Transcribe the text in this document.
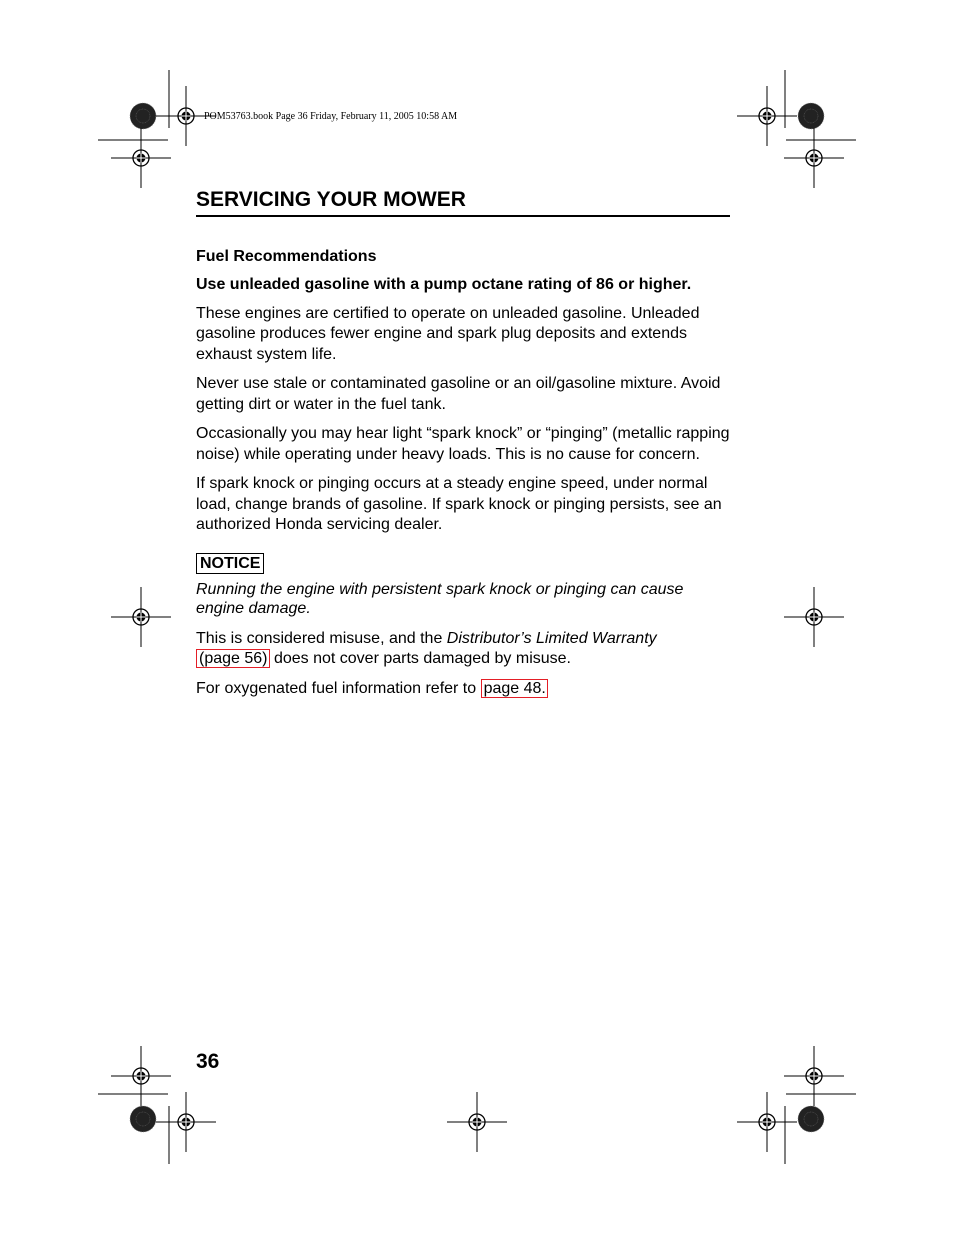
POM53763.book Page 36 Friday, February 11, 2005 10:58 AM
SERVICING YOUR MOWER

Fuel Recommendations

Use unleaded gasoline with a pump octane rating of 86 or higher.

These engines are certified to operate on unleaded gasoline. Unleaded gasoline produces fewer engine and spark plug deposits and extends exhaust system life.

Never use stale or contaminated gasoline or an oil/gasoline mixture. Avoid getting dirt or water in the fuel tank.

Occasionally you may hear light “spark knock” or “pinging” (metallic rapping noise) while operating under heavy loads. This is no cause for concern.

If spark knock or pinging occurs at a steady engine speed, under normal load, change brands of gasoline. If spark knock or pinging persists, see an authorized Honda servicing dealer.

NOTICE

Running the engine with persistent spark knock or pinging can cause engine damage.

This is considered misuse, and the Distributor’s Limited Warranty
(page 56) does not cover parts damaged by misuse.

For oxygenated fuel information refer to page 48.

36
